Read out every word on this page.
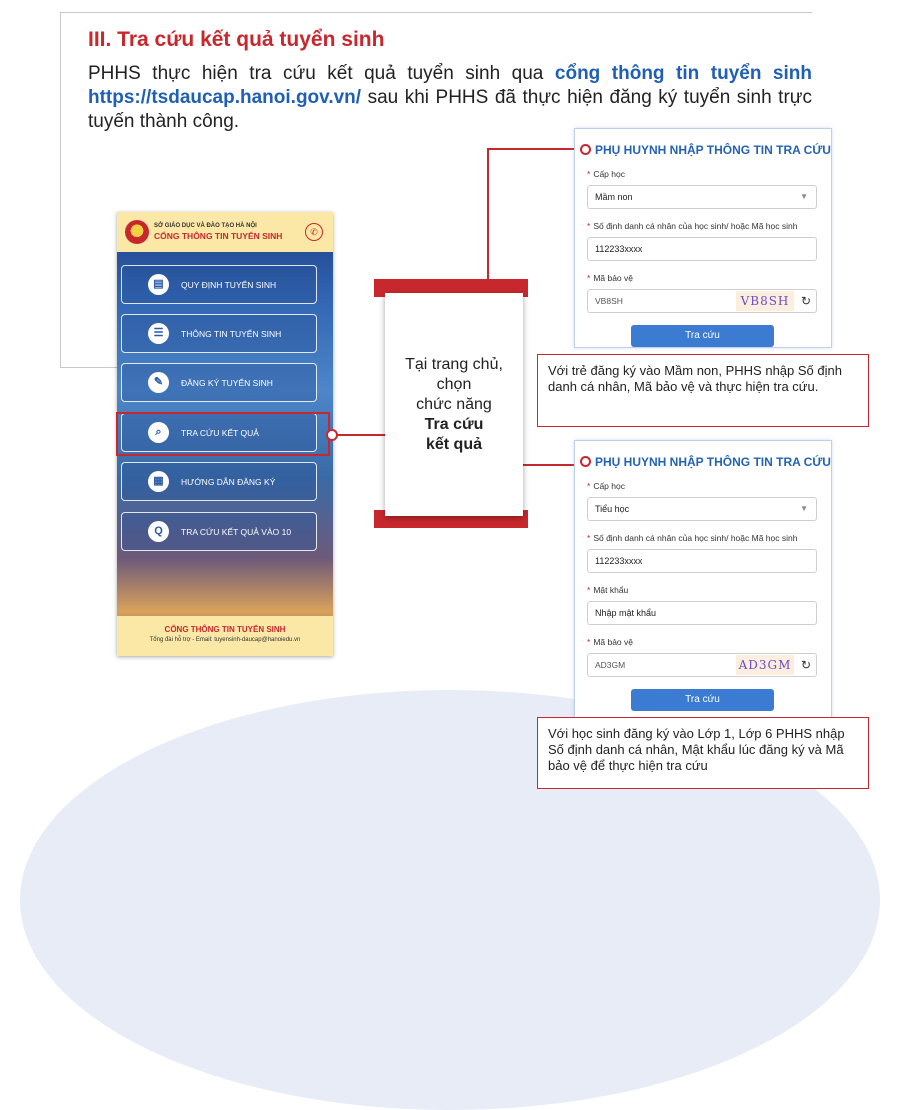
III. Tra cứu kết quả tuyển sinh

PHHS thực hiện tra cứu kết quả tuyển sinh qua cổng thông tin tuyển sinh https://tsdaucap.hanoi.gov.vn/ sau khi PHHS đã thực hiện đăng ký tuyển sinh trực tuyến thành công.

SỞ GIÁO DỤC VÀ ĐÀO TẠO HÀ NỘI
CỔNG THÔNG TIN TUYỂN SINH	✆
▤	QUY ĐỊNH TUYỂN SINH
☰	THÔNG TIN TUYỂN SINH
✎	ĐĂNG KÝ TUYỂN SINH
⌕	TRA CỨU KẾT QUẢ
▦	HƯỚNG DẪN ĐĂNG KÝ
Q	TRA CỨU KẾT QUẢ VÀO 10
CỔNG THÔNG TIN TUYỂN SINH
Tổng đài hỗ trợ - Email: tuyensinh-daucap@hanoiedu.vn
Tại trang chủ,
chọn
chức năng
Tra cứu
kết quả
PHỤ HUYNH NHẬP THÔNG TIN TRA CỨU
* Cấp học
Mầm non	▼
* Số định danh cá nhân của học sinh/ hoặc Mã học sinh
112233xxxx
* Mã bảo vệ
VB8SH	VB8SH ↻
Tra cứu
Với trẻ đăng ký vào Mầm non, PHHS nhập Số định danh cá nhân, Mã bảo vệ và thực hiện tra cứu.
PHỤ HUYNH NHẬP THÔNG TIN TRA CỨU
* Cấp học
Tiểu học	▼
* Số định danh cá nhân của học sinh/ hoặc Mã học sinh
112233xxxx
* Mật khẩu
Nhập mật khẩu
* Mã bảo vệ
AD3GM	AD3GM ↻
Tra cứu
Với học sinh đăng ký vào Lớp 1, Lớp 6 PHHS nhập Số định danh cá nhân, Mật khẩu lúc đăng ký và Mã bảo vệ để thực hiện tra cứu
